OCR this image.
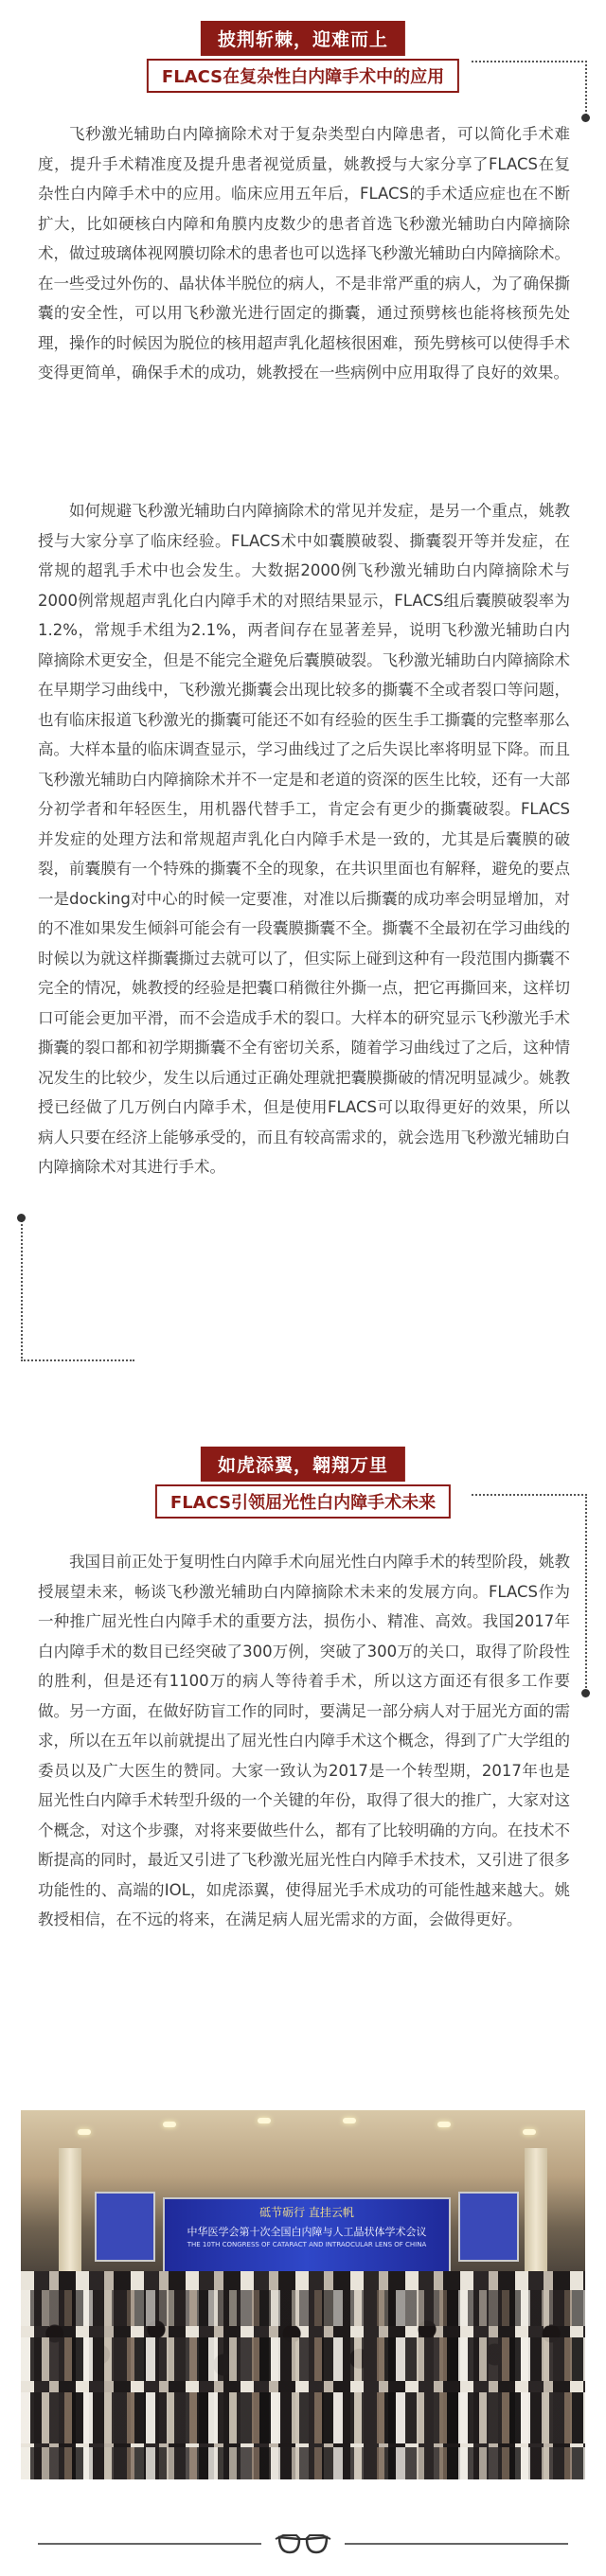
披荆斩棘，迎难而上
FLACS在复杂性白内障手术中的应用

飞秒激光辅助白内障摘除术对于复杂类型白内障患者，可以简化手术难度，提升手术精准度及提升患者视觉质量，姚教授与大家分享了FLACS在复杂性白内障手术中的应用。临床应用五年后，FLACS的手术适应症也在不断扩大，比如硬核白内障和角膜内皮数少的患者首选飞秒激光辅助白内障摘除术，做过玻璃体视网膜切除术的患者也可以选择飞秒激光辅助白内障摘除术。在一些受过外伤的、晶状体半脱位的病人，不是非常严重的病人，为了确保撕囊的安全性，可以用飞秒激光进行固定的撕囊，通过预劈核也能将核预先处理，操作的时候因为脱位的核用超声乳化超核很困难，预先劈核可以使得手术变得更简单，确保手术的成功，姚教授在一些病例中应用取得了良好的效果。

如何规避飞秒激光辅助白内障摘除术的常见并发症，是另一个重点，姚教授与大家分享了临床经验。FLACS术中如囊膜破裂、撕囊裂开等并发症，在常规的超乳手术中也会发生。大数据2000例飞秒激光辅助白内障摘除术与2000例常规超声乳化白内障手术的对照结果显示，FLACS组后囊膜破裂率为1.2%，常规手术组为2.1%，两者间存在显著差异，说明飞秒激光辅助白内障摘除术更安全，但是不能完全避免后囊膜破裂。飞秒激光辅助白内障摘除术在早期学习曲线中，飞秒激光撕囊会出现比较多的撕囊不全或者裂口等问题，也有临床报道飞秒激光的撕囊可能还不如有经验的医生手工撕囊的完整率那么高。大样本量的临床调查显示，学习曲线过了之后失误比率将明显下降。而且飞秒激光辅助白内障摘除术并不一定是和老道的资深的医生比较，还有一大部分初学者和年轻医生，用机器代替手工，肯定会有更少的撕囊破裂。FLACS并发症的处理方法和常规超声乳化白内障手术是一致的，尤其是后囊膜的破裂，前囊膜有一个特殊的撕囊不全的现象，在共识里面也有解释，避免的要点一是docking对中心的时候一定要准，对准以后撕囊的成功率会明显增加，对的不准如果发生倾斜可能会有一段囊膜撕囊不全。撕囊不全最初在学习曲线的时候以为就这样撕囊撕过去就可以了，但实际上碰到这种有一段范围内撕囊不完全的情况，姚教授的经验是把囊口稍微往外撕一点，把它再撕回来，这样切口可能会更加平滑，而不会造成手术的裂口。大样本的研究显示飞秒激光手术撕囊的裂口都和初学期撕囊不全有密切关系，随着学习曲线过了之后，这种情况发生的比较少，发生以后通过正确处理就把囊膜撕破的情况明显减少。姚教授已经做了几万例白内障手术，但是使用FLACS可以取得更好的效果，所以病人只要在经济上能够承受的，而且有较高需求的，就会选用飞秒激光辅助白内障摘除术对其进行手术。

如虎添翼，翱翔万里
FLACS引领屈光性白内障手术未来

我国目前正处于复明性白内障手术向屈光性白内障手术的转型阶段，姚教授展望未来，畅谈飞秒激光辅助白内障摘除术未来的发展方向。FLACS作为一种推广屈光性白内障手术的重要方法，损伤小、精准、高效。我国2017年白内障手术的数目已经突破了300万例，突破了300万的关口，取得了阶段性的胜利，但是还有1100万的病人等待着手术，所以这方面还有很多工作要做。另一方面，在做好防盲工作的同时，要满足一部分病人对于屈光方面的需求，所以在五年以前就提出了屈光性白内障手术这个概念，得到了广大学组的委员以及广大医生的赞同。大家一致认为2017是一个转型期，2017年也是屈光性白内障手术转型升级的一个关键的年份，取得了很大的推广，大家对这个概念，对这个步骤，对将来要做些什么，都有了比较明确的方向。在技术不断提高的同时，最近又引进了飞秒激光屈光性白内障手术技术，又引进了很多功能性的、高端的IOL，如虎添翼，使得屈光手术成功的可能性越来越大。姚教授相信，在不远的将来，在满足病人屈光需求的方面，会做得更好。

砥节砺行 直挂云帆
中华医学会第十次全国白内障与人工晶状体学术会议
THE 10TH CONGRESS OF CATARACT AND INTRAOCULAR LENS OF CHINA
